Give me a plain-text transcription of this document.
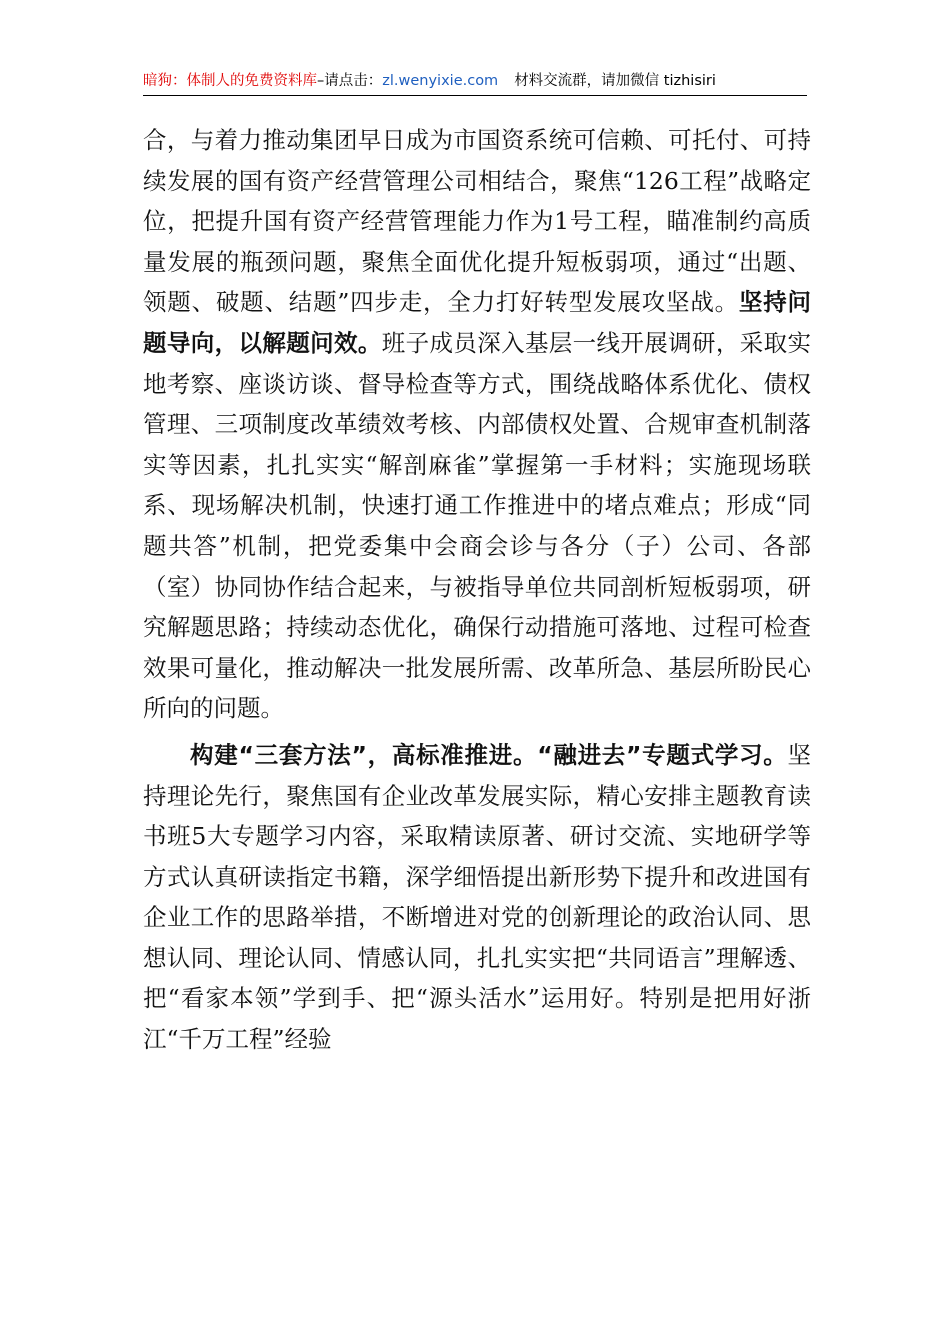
暗狗：体制人的免费资料库–请点击：zl.wenyixie.com 材料交流群，请加微信 tizhisiri

合，与着力推动集团早日成为市国资系统可信赖、可托付、可持续发展的国有资产经营管理公司相结合，聚焦“126工程”战略定位，把提升国有资产经营管理能力作为1号工程，瞄准制约高质量发展的瓶颈问题，聚焦全面优化提升短板弱项，通过“出题、领题、破题、结题”四步走，全力打好转型发展攻坚战。坚持问题导向，以解题问效。班子成员深入基层一线开展调研，采取实地考察、座谈访谈、督导检查等方式，围绕战略体系优化、债权管理、三项制度改革绩效考核、内部债权处置、合规审查机制落实等因素，扎扎实实“解剖麻雀”掌握第一手材料；实施现场联系、现场解决机制，快速打通工作推进中的堵点难点；形成“同题共答”机制，把党委集中会商会诊与各分（子）公司、各部（室）协同协作结合起来，与被指导单位共同剖析短板弱项，研究解题思路；持续动态优化，确保行动措施可落地、过程可检查效果可量化，推动解决一批发展所需、改革所急、基层所盼民心所向的问题。

构建“三套方法”，高标准推进。“融进去”专题式学习。坚持理论先行，聚焦国有企业改革发展实际，精心安排主题教育读书班5大专题学习内容，采取精读原著、研讨交流、实地研学等方式认真研读指定书籍，深学细悟提出新形势下提升和改进国有企业工作的思路举措，不断增进对党的创新理论的政治认同、思想认同、理论认同、情感认同，扎扎实实把“共同语言”理解透、把“看家本领”学到手、把“源头活水”运用好。特别是把用好浙江“千万工程”经验
